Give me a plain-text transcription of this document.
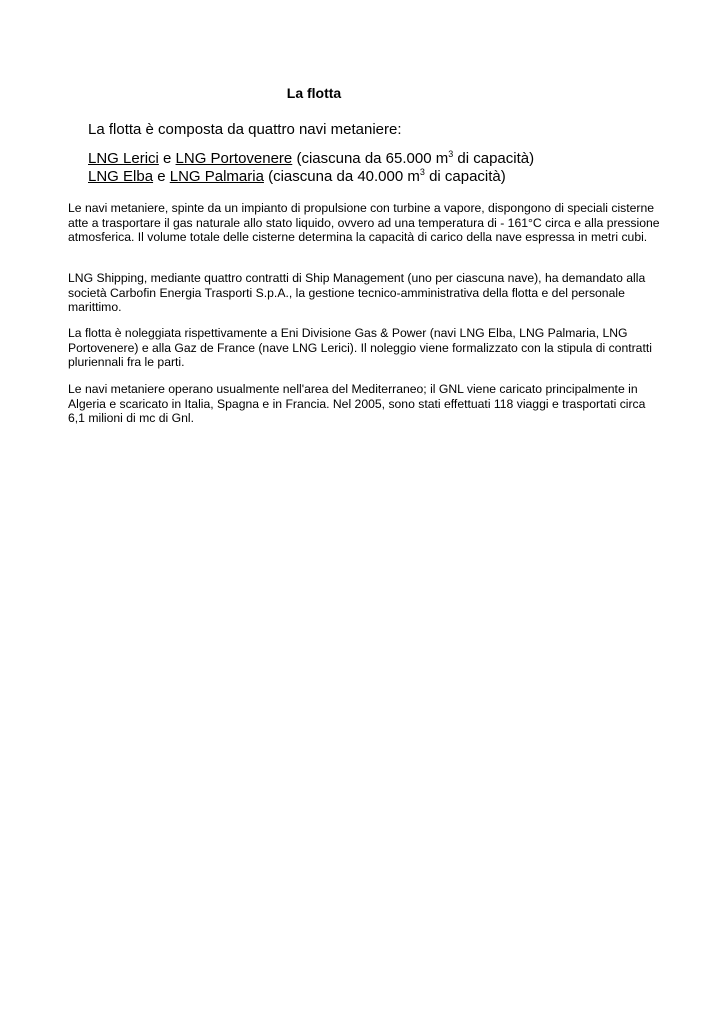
La flotta
La flotta è composta da quattro navi metaniere:
LNG Lerici e LNG Portovenere (ciascuna da 65.000 $m^3$ di capacità)
LNG Elba e LNG Palmaria (ciascuna da 40.000 $m^3$ di capacità)

Le navi metaniere, spinte da un impianto di propulsione con turbine a vapore, dispongono di speciali cisterne atte a trasportare il gas naturale allo stato liquido, ovvero ad una temperatura di - 161°C circa e alla pressione atmosferica. Il volume totale delle cisterne determina la capacità di carico della nave espressa in metri cubi.

LNG Shipping, mediante quattro contratti di Ship Management (uno per ciascuna nave), ha demandato alla società Carbofin Energia Trasporti S.p.A., la gestione tecnico-amministrativa della flotta e del personale marittimo.

La flotta è noleggiata rispettivamente a Eni Divisione Gas & Power (navi LNG Elba, LNG Palmaria, LNG Portovenere) e alla Gaz de France (nave LNG Lerici). Il noleggio viene formalizzato con la stipula di contratti pluriennali fra le parti.

Le navi metaniere operano usualmente nell'area del Mediterraneo; il GNL viene caricato principalmente in Algeria e scaricato in Italia, Spagna e in Francia. Nel 2005, sono stati effettuati 118 viaggi e trasportati circa 6,1 milioni di mc di Gnl.
